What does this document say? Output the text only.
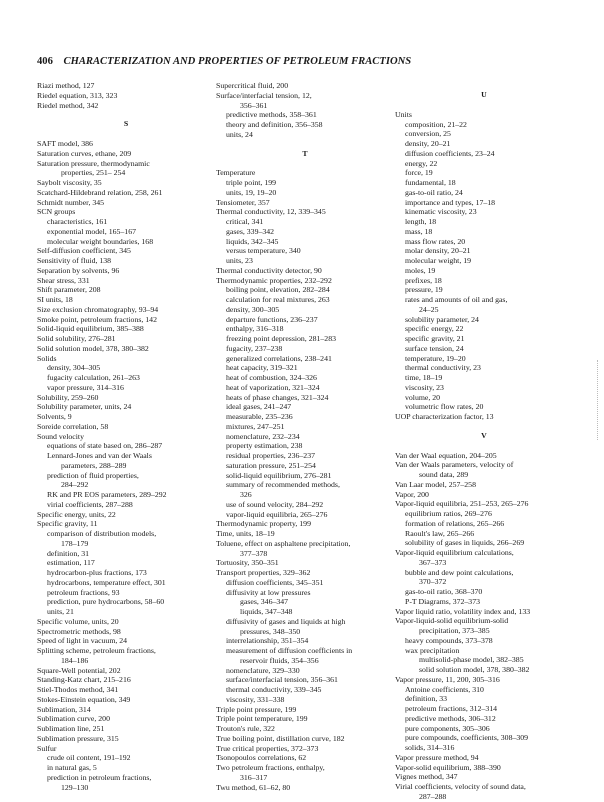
406 CHARACTERIZATION AND PROPERTIES OF PETROLEUM FRACTIONS
Riazi method, 127
Riedel equation, 313, 323
Riedel method, 342
S
SAFT model, 386
Saturation curves, ethane, 209
Saturation pressure, thermodynamic
properties, 251– 254
Saybolt viscosity, 35
Scatchard-Hildebrand relation, 258, 261
Schmidt number, 345
SCN groups
characteristics, 161
exponential model, 165–167
molecular weight boundaries, 168
Self-diffusion coefficient, 345
Sensitivity of fluid, 138
Separation by solvents, 96
Shear stress, 331
Shift parameter, 208
SI units, 18
Size exclusion chromatography, 93–94
Smoke point, petroleum fractions, 142
Solid-liquid equilibrium, 385–388
Solid solubility, 276–281
Solid solution model, 378, 380–382
Solids
density, 304–305
fugacity calculation, 261–263
vapor pressure, 314–316
Solubility, 259–260
Solubility parameter, units, 24
Solvents, 9
Soreide correlation, 58
Sound velocity
equations of state based on, 286–287
Lennard-Jones and van der Waals
parameters, 288–289
prediction of fluid properties,
284–292
RK and PR EOS parameters, 289–292
virial coefficients, 287–288
Specific energy, units, 22
Specific gravity, 11
comparison of distribution models,
178–179
definition, 31
estimation, 117
hydrocarbon-plus fractions, 173
hydrocarbons, temperature effect, 301
petroleum fractions, 93
prediction, pure hydrocarbons, 58–60
units, 21
Specific volume, units, 20
Spectrometric methods, 98
Speed of light in vacuum, 24
Splitting scheme, petroleum fractions,
184–186
Square-Well potential, 202
Standing-Katz chart, 215–216
Stiel-Thodos method, 341
Stokes-Einstein equation, 349
Sublimation, 314
Sublimation curve, 200
Sublimation line, 251
Sublimation pressure, 315
Sulfur
crude oil content, 191–192
in natural gas, 5
prediction in petroleum fractions,
129–130
Supercritical fluid, 200
Surface/interfacial tension, 12,
356–361
predictive methods, 358–361
theory and definition, 356–358
units, 24
T
Temperature
triple point, 199
units, 19, 19–20
Tensiometer, 357
Thermal conductivity, 12, 339–345
critical, 341
gases, 339–342
liquids, 342–345
versus temperature, 340
units, 23
Thermal conductivity detector, 90
Thermodynamic properties, 232–292
boiling point, elevation, 282–284
calculation for real mixtures, 263
density, 300–305
departure functions, 236–237
enthalpy, 316–318
freezing point depression, 281–283
fugacity, 237–238
generalized correlations, 238–241
heat capacity, 319–321
heat of combustion, 324–326
heat of vaporization, 321–324
heats of phase changes, 321–324
ideal gases, 241–247
measurable, 235–236
mixtures, 247–251
nomenclature, 232–234
property estimation, 238
residual properties, 236–237
saturation pressure, 251–254
solid-liquid equilibrium, 276–281
summary of recommended methods,
326
use of sound velocity, 284–292
vapor-liquid equilibria, 265–276
Thermodynamic property, 199
Time, units, 18–19
Toluene, effect on asphaltene precipitation,
377–378
Tortuosity, 350–351
Transport properties, 329–362
diffusion coefficients, 345–351
diffusivity at low pressures
gases, 346–347
liquids, 347–348
diffusivity of gases and liquids at high
pressures, 348–350
interrelationship, 351–354
measurement of diffusion coefficients in
reservoir fluids, 354–356
nomenclature, 329–330
surface/interfacial tension, 356–361
thermal conductivity, 339–345
viscosity, 331–338
Triple point pressure, 199
Triple point temperature, 199
Trouton's rule, 322
True boiling point, distillation curve, 182
True critical properties, 372–373
Tsonopoulos correlations, 62
Two petroleum fractions, enthalpy,
316–317
Twu method, 61–62, 80
U
Units
composition, 21–22
conversion, 25
density, 20–21
diffusion coefficients, 23–24
energy, 22
force, 19
fundamental, 18
gas-to-oil ratio, 24
importance and types, 17–18
kinematic viscosity, 23
length, 18
mass, 18
mass flow rates, 20
molar density, 20–21
molecular weight, 19
moles, 19
prefixes, 18
pressure, 19
rates and amounts of oil and gas,
24–25
solubility parameter, 24
specific energy, 22
specific gravity, 21
surface tension, 24
temperature, 19–20
thermal conductivity, 23
time, 18–19
viscosity, 23
volume, 20
volumetric flow rates, 20
UOP characterization factor, 13
V
Van der Waal equation, 204–205
Van der Waals parameters, velocity of
sound data, 289
Van Laar model, 257–258
Vapor, 200
Vapor-liquid equilibria, 251–253, 265–276
equilibrium ratios, 269–276
formation of relations, 265–266
Raoult's law, 265–266
solubility of gases in liquids, 266–269
Vapor-liquid equilibrium calculations,
367–373
bubble and dew point calculations,
370–372
gas-to-oil ratio, 368–370
P-T Diagrams, 372–373
Vapor liquid ratio, volatility index and, 133
Vapor-liquid-solid equilibrium-solid
precipitation, 373–385
heavy compounds, 373–378
wax precipitation
multisolid-phase model, 382–385
solid solution model, 378, 380–382
Vapor pressure, 11, 200, 305–316
Antoine coefficients, 310
definition, 33
petroleum fractions, 312–314
predictive methods, 306–312
pure components, 305–306
pure compounds, coefficients, 308–309
solids, 314–316
Vapor pressure method, 94
Vapor-solid equilibrium, 388–390
Vignes method, 347
Virial coefficients, velocity of sound data,
287–288
